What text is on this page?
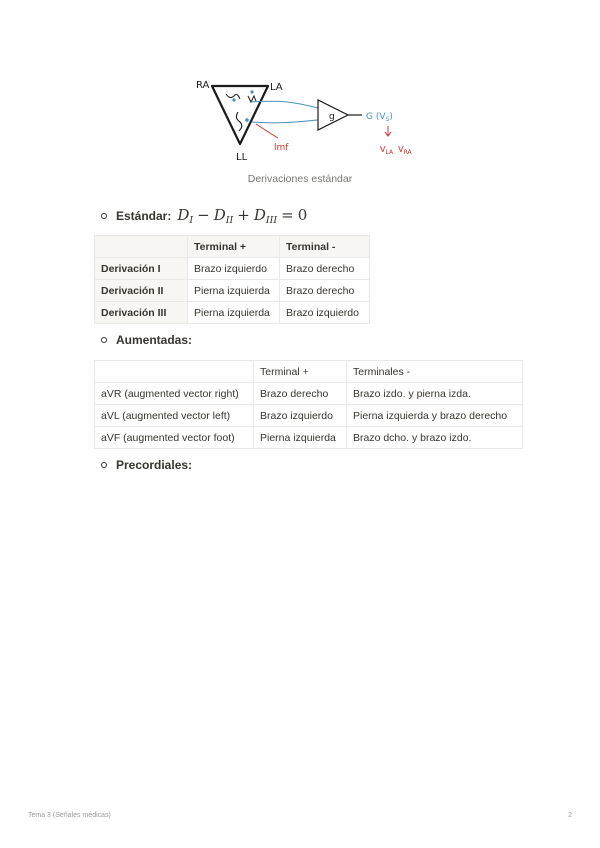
RA	LA
LL
g	G $(V_S)$
lmf	$V_{LA}$ $V_{RA}$
Derivaciones estándar
Estándar: $D_I - D_{II} + D_{III} = 0$
	Terminal +	Terminal -
Derivación I	Brazo izquierdo	Brazo derecho
Derivación II	Pierna izquierda	Brazo derecho
Derivación III	Pierna izquierda	Brazo izquierdo
Aumentadas:
	Terminal +	Terminales -
aVR (augmented vector right)	Brazo derecho	Brazo izdo. y pierna izda.
aVL (augmented vector left)	Brazo izquierdo	Pierna izquierda y brazo derecho
aVF (augmented vector foot)	Pierna izquierda	Brazo dcho. y brazo izdo.
Precordiales:
Tema 3 (Señales médicas)	2
